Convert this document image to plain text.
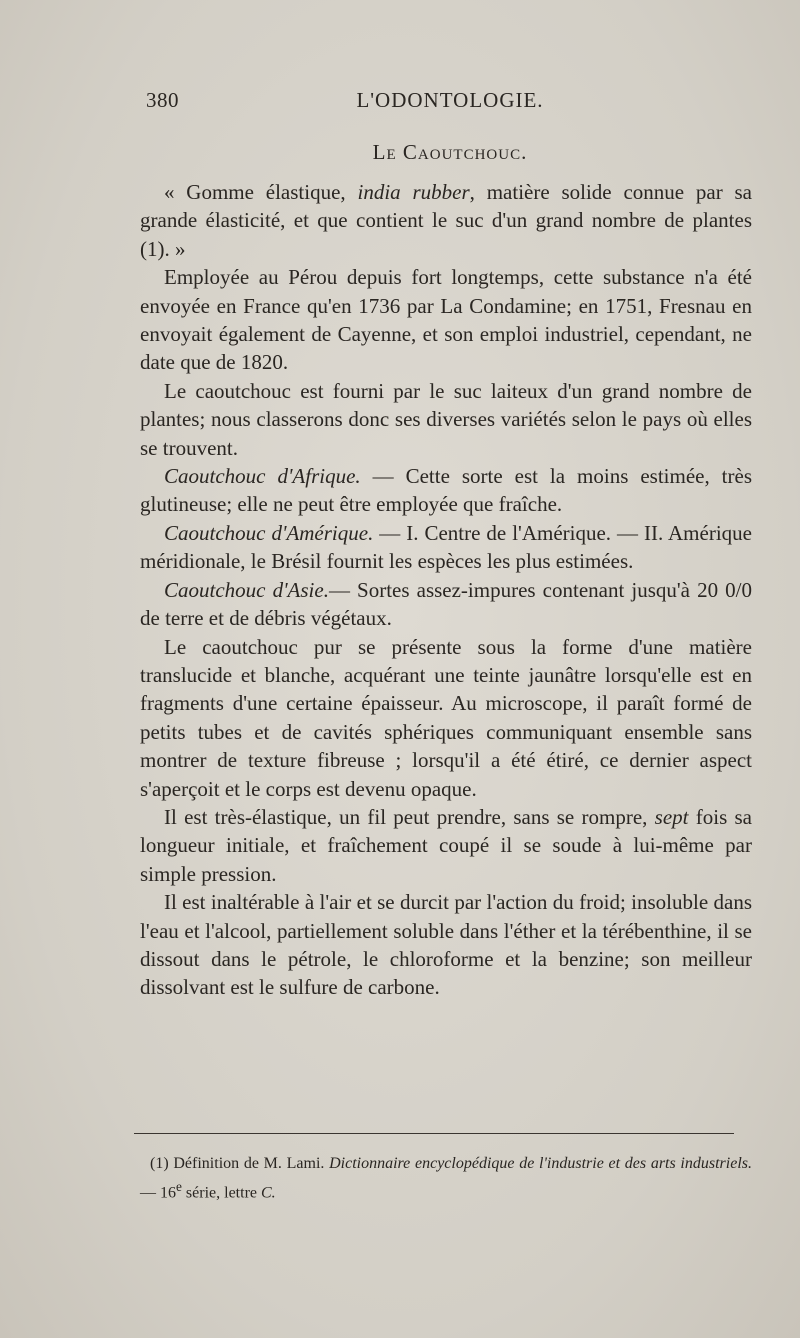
380	L'ODONTOLOGIE.
Le Caoutchouc.

« Gomme élastique, india rubber, matière solide connue par sa grande élasticité, et que contient le suc d'un grand nombre de plantes (1). »

Employée au Pérou depuis fort longtemps, cette substance n'a été envoyée en France qu'en 1736 par La Condamine; en 1751, Fresnau en envoyait également de Cayenne, et son emploi industriel, cependant, ne date que de 1820.

Le caoutchouc est fourni par le suc laiteux d'un grand nombre de plantes; nous classerons donc ses diverses variétés selon le pays où elles se trouvent.

Caoutchouc d'Afrique. — Cette sorte est la moins estimée, très glutineuse; elle ne peut être employée que fraîche.

Caoutchouc d'Amérique. — I. Centre de l'Amérique. — II. Amérique méridionale, le Brésil fournit les espèces les plus estimées.

Caoutchouc d'Asie.— Sortes assez-impures contenant jusqu'à 20 0/0 de terre et de débris végétaux.

Le caoutchouc pur se présente sous la forme d'une matière translucide et blanche, acquérant une teinte jaunâtre lorsqu'elle est en fragments d'une certaine épaisseur. Au microscope, il paraît formé de petits tubes et de cavités sphériques communiquant ensemble sans montrer de texture fibreuse ; lorsqu'il a été étiré, ce dernier aspect s'aperçoit et le corps est devenu opaque.

Il est très-élastique, un fil peut prendre, sans se rompre, sept fois sa longueur initiale, et fraîchement coupé il se soude à lui-même par simple pression.

Il est inaltérable à l'air et se durcit par l'action du froid; insoluble dans l'eau et l'alcool, partiellement soluble dans l'éther et la térébenthine, il se dissout dans le pétrole, le chloroforme et la benzine; son meilleur dissolvant est le sulfure de carbone.

(1) Définition de M. Lami. Dictionnaire encyclopédique de l'industrie et des arts industriels. — 16e série, lettre C.
